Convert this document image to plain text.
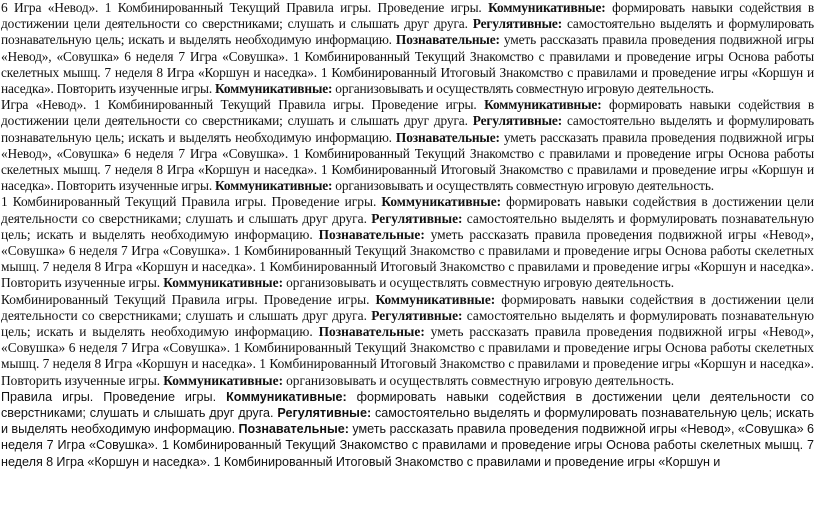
6 Игра «Невод». 1 Комбинированный Текущий Правила игры. Проведение игры. Коммуникативные: формировать навыки содействия в достижении цели деятельности со сверстниками; слушать и слышать друг друга. Регулятивные: самостоятельно выделять и формулировать познавательную цель; искать и выделять необходимую информацию. Познавательные: уметь рассказать правила проведения подвижной игры «Невод», «Совушка» 6 неделя 7 Игра «Совушка». 1 Комбинированный Текущий Знакомство с правилами и проведение игры Основа работы скелетных мышц. 7 неделя 8 Игра «Коршун и наседка». 1 Комбинированный Итоговый Знакомство с правилами и проведение игры «Коршун и наседка». Повторить изученные игры. Коммуникативные: организовывать и осуществлять совместную игровую деятельность.

Игра «Невод». 1 Комбинированный Текущий Правила игры. Проведение игры. Коммуникативные: формировать навыки содействия в достижении цели деятельности со сверстниками; слушать и слышать друг друга. Регулятивные: самостоятельно выделять и формулировать познавательную цель; искать и выделять необходимую информацию. Познавательные: уметь рассказать правила проведения подвижной игры «Невод», «Совушка» 6 неделя 7 Игра «Совушка». 1 Комбинированный Текущий Знакомство с правилами и проведение игры Основа работы скелетных мышц. 7 неделя 8 Игра «Коршун и наседка». 1 Комбинированный Итоговый Знакомство с правилами и проведение игры «Коршун и наседка». Повторить изученные игры. Коммуникативные: организовывать и осуществлять совместную игровую деятельность.

1 Комбинированный Текущий Правила игры. Проведение игры. Коммуникативные: формировать навыки содействия в достижении цели деятельности со сверстниками; слушать и слышать друг друга. Регулятивные: самостоятельно выделять и формулировать познавательную цель; искать и выделять необходимую информацию. Познавательные: уметь рассказать правила проведения подвижной игры «Невод», «Совушка» 6 неделя 7 Игра «Совушка». 1 Комбинированный Текущий Знакомство с правилами и проведение игры Основа работы скелетных мышц. 7 неделя 8 Игра «Коршун и наседка». 1 Комбинированный Итоговый Знакомство с правилами и проведение игры «Коршун и наседка». Повторить изученные игры. Коммуникативные: организовывать и осуществлять совместную игровую деятельность.

Комбинированный Текущий Правила игры. Проведение игры. Коммуникативные: формировать навыки содействия в достижении цели деятельности со сверстниками; слушать и слышать друг друга. Регулятивные: самостоятельно выделять и формулировать познавательную цель; искать и выделять необходимую информацию. Познавательные: уметь рассказать правила проведения подвижной игры «Невод», «Совушка» 6 неделя 7 Игра «Совушка». 1 Комбинированный Текущий Знакомство с правилами и проведение игры Основа работы скелетных мышц. 7 неделя 8 Игра «Коршун и наседка». 1 Комбинированный Итоговый Знакомство с правилами и проведение игры «Коршун и наседка». Повторить изученные игры. Коммуникативные: организовывать и осуществлять совместную игровую деятельность.

Правила игры. Проведение игры. Коммуникативные: формировать навыки содействия в достижении цели деятельности со сверстниками; слушать и слышать друг друга. Регулятивные: самостоятельно выделять и формулировать познавательную цель; искать и выделять необходимую информацию. Познавательные: уметь рассказать правила проведения подвижной игры «Невод», «Совушка» 6 неделя 7 Игра «Совушка». 1 Комбинированный Текущий Знакомство с правилами и проведение игры Основа работы скелетных мышц. 7 неделя 8 Игра «Коршун и наседка». 1 Комбинированный Итоговый Знакомство с правилами и проведение игры «Коршун и
